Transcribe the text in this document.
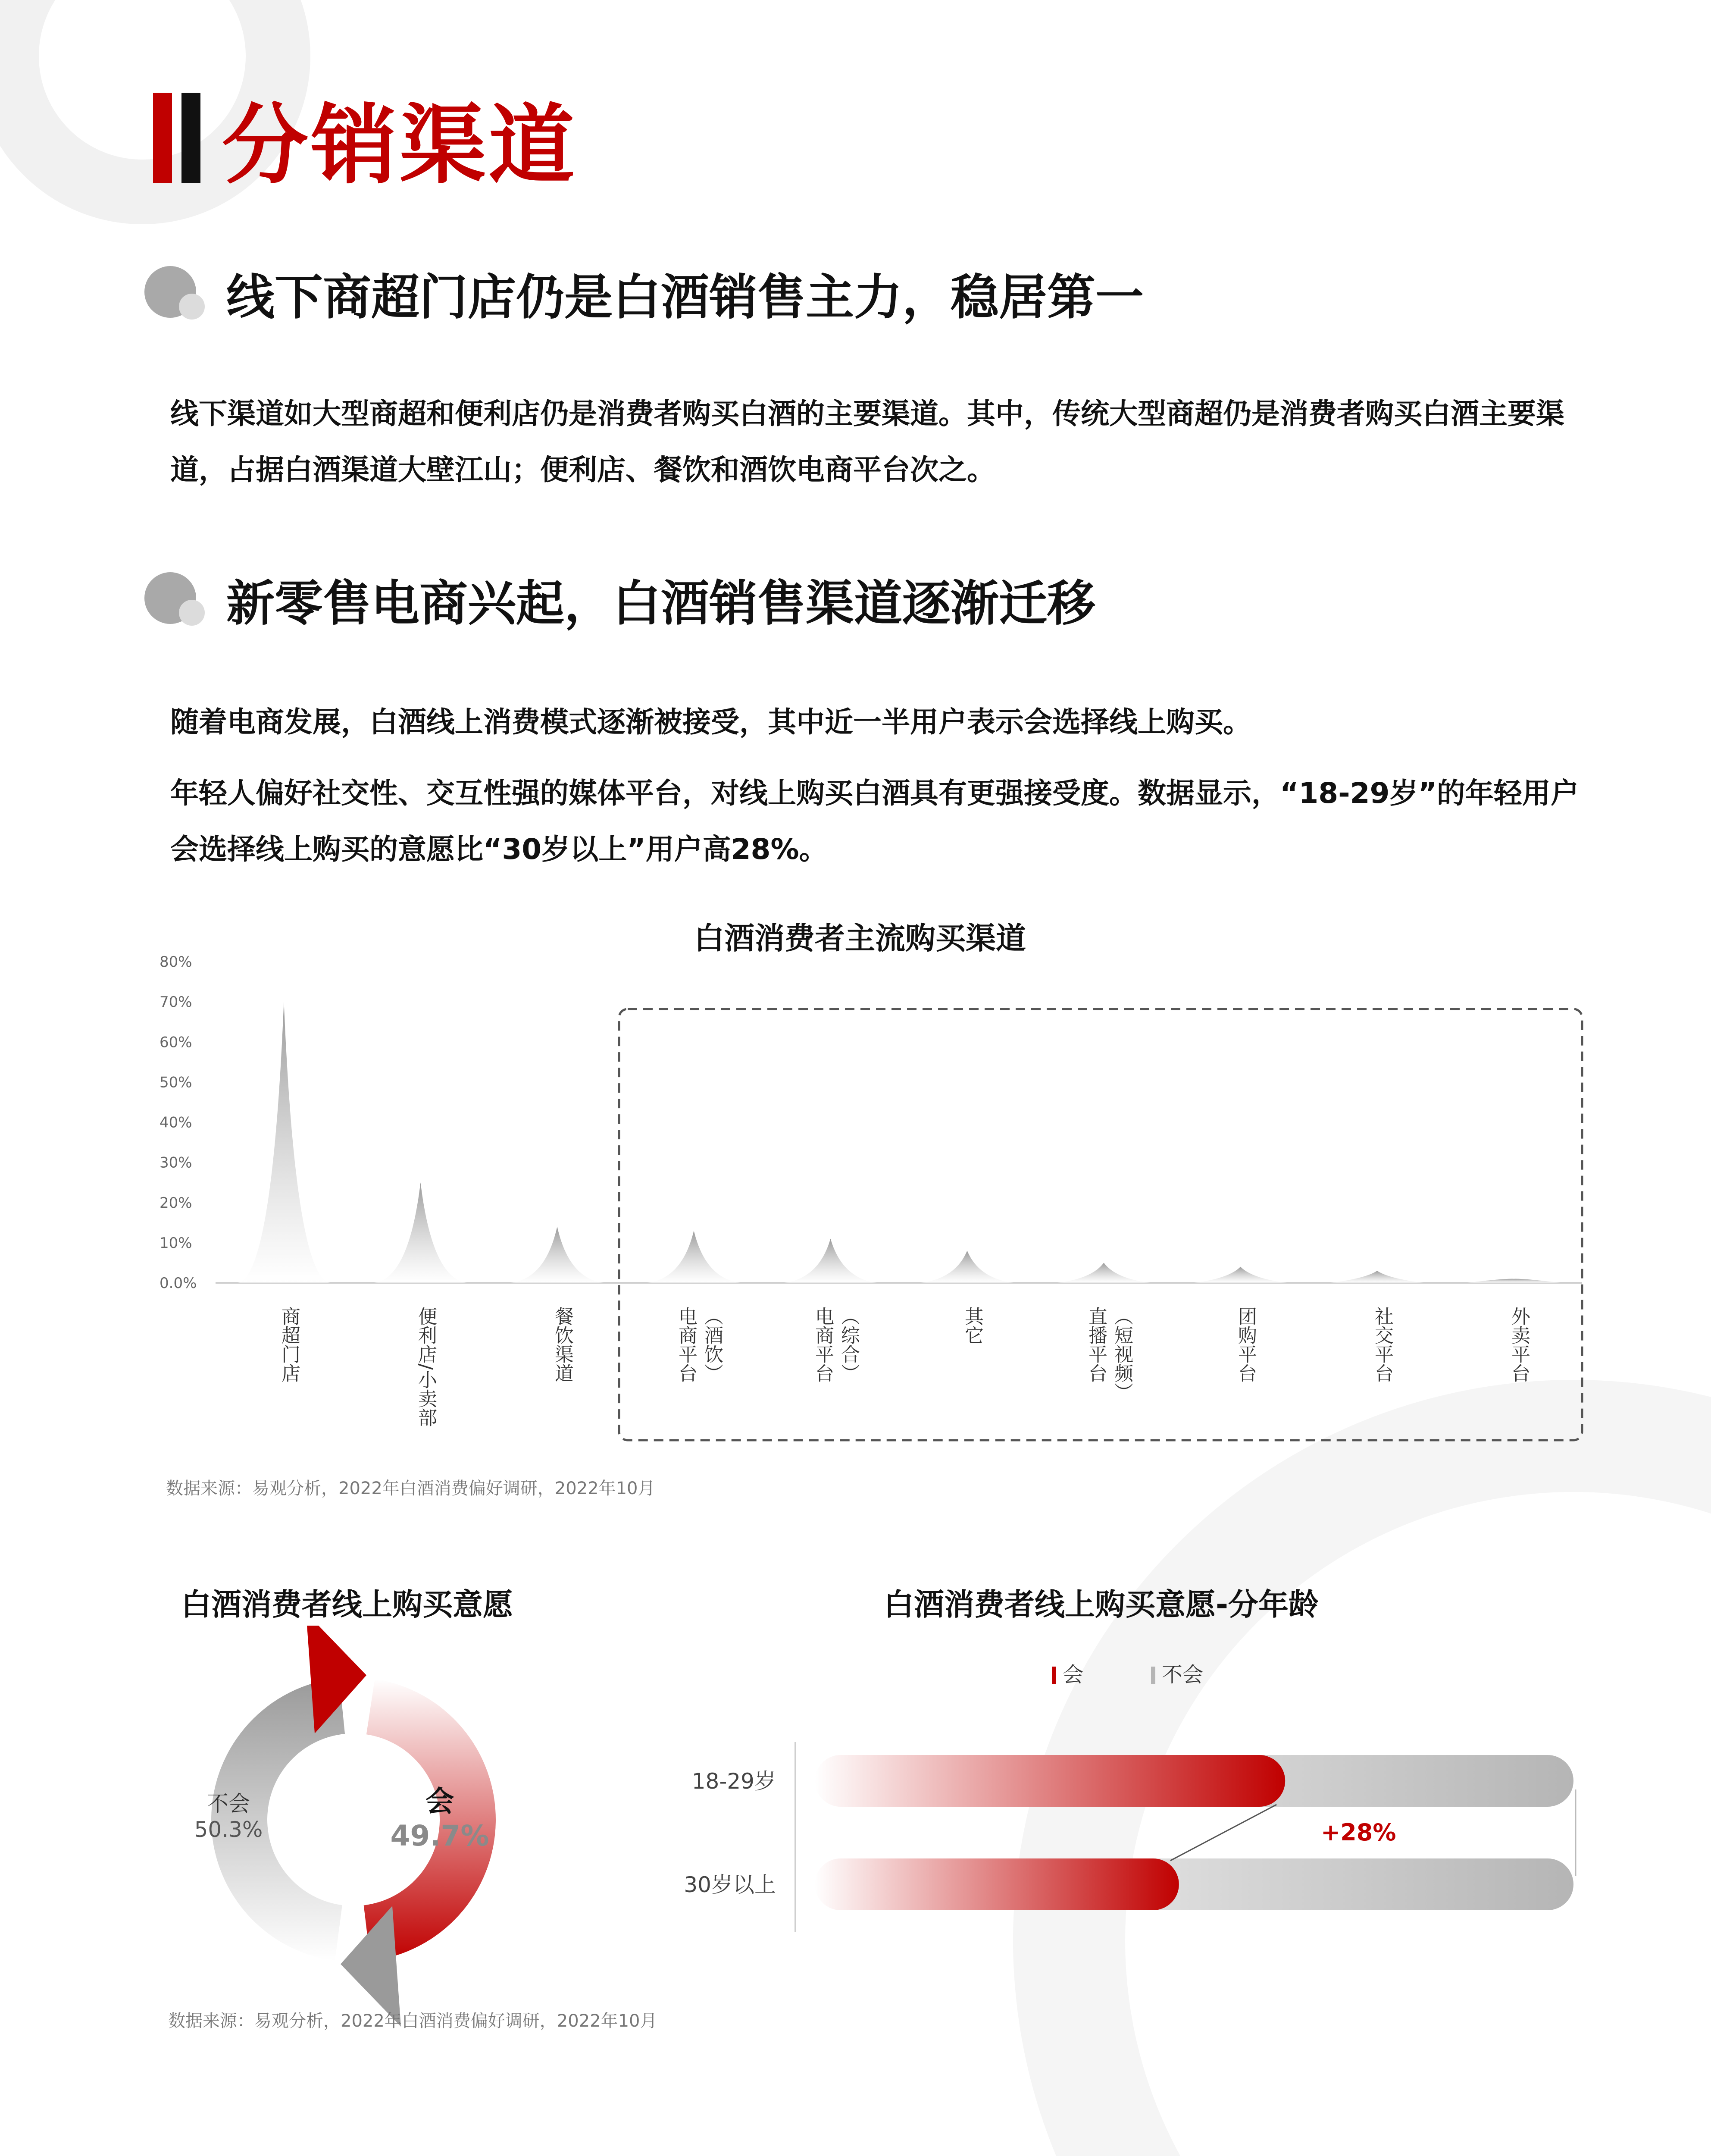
分销渠道
线下商超门店仍是白酒销售主力，稳居第一
线下渠道如大型商超和便利店仍是消费者购买白酒的主要渠道。其中，传统大型商超仍是消费者购买白酒主要渠道，占据白酒渠道大壁江山；便利店、餐饮和酒饮电商平台次之。
新零售电商兴起，白酒销售渠道逐渐迁移
随着电商发展，白酒线上消费模式逐渐被接受，其中近一半用户表示会选择线上购买。
年轻人偏好社交性、交互性强的媒体平台，对线上购买白酒具有更强接受度。数据显示，“18-29岁”的年轻用户会选择线上购买的意愿比“30岁以上”用户高28%。
白酒消费者主流购买渠道
80%
70%
60%
50%
40%
30%
20%
10%
0.0%
商超门店	便利店/小卖部	餐饮渠道	电商平台 （酒饮）	电商平台 （综合）	其它	直播平台 （短视频）	团购平台	社交平台	外卖平台
数据来源：易观分析，2022年白酒消费偏好调研，2022年10月
白酒消费者线上购买意愿
会
49.7%
不会
50.3%
白酒消费者线上购买意愿-分年龄
会	不会
18-29岁
30岁以上
+28%
数据来源：易观分析，2022年白酒消费偏好调研，2022年10月
